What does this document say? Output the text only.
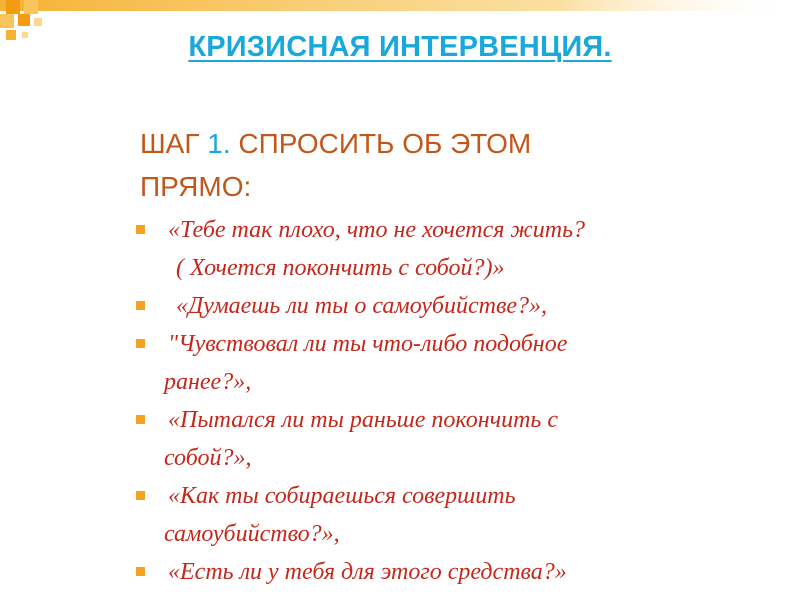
КРИЗИСНАЯ ИНТЕРВЕНЦИЯ.
ШАГ 1. СПРОСИТЬ ОБ ЭТОМ
ПРЯМО:
«Тебе так плохо, что не хочется жить?
( Хочется покончить с собой?)»
«Думаешь ли ты о самоубийстве?»,
"Чувствовал ли ты что-либо подобное
ранее?»,
«Пытался ли ты раньше покончить с
собой?»,
«Как ты собираешься совершить
самоубийство?»,
«Есть ли у тебя для этого средства?»
